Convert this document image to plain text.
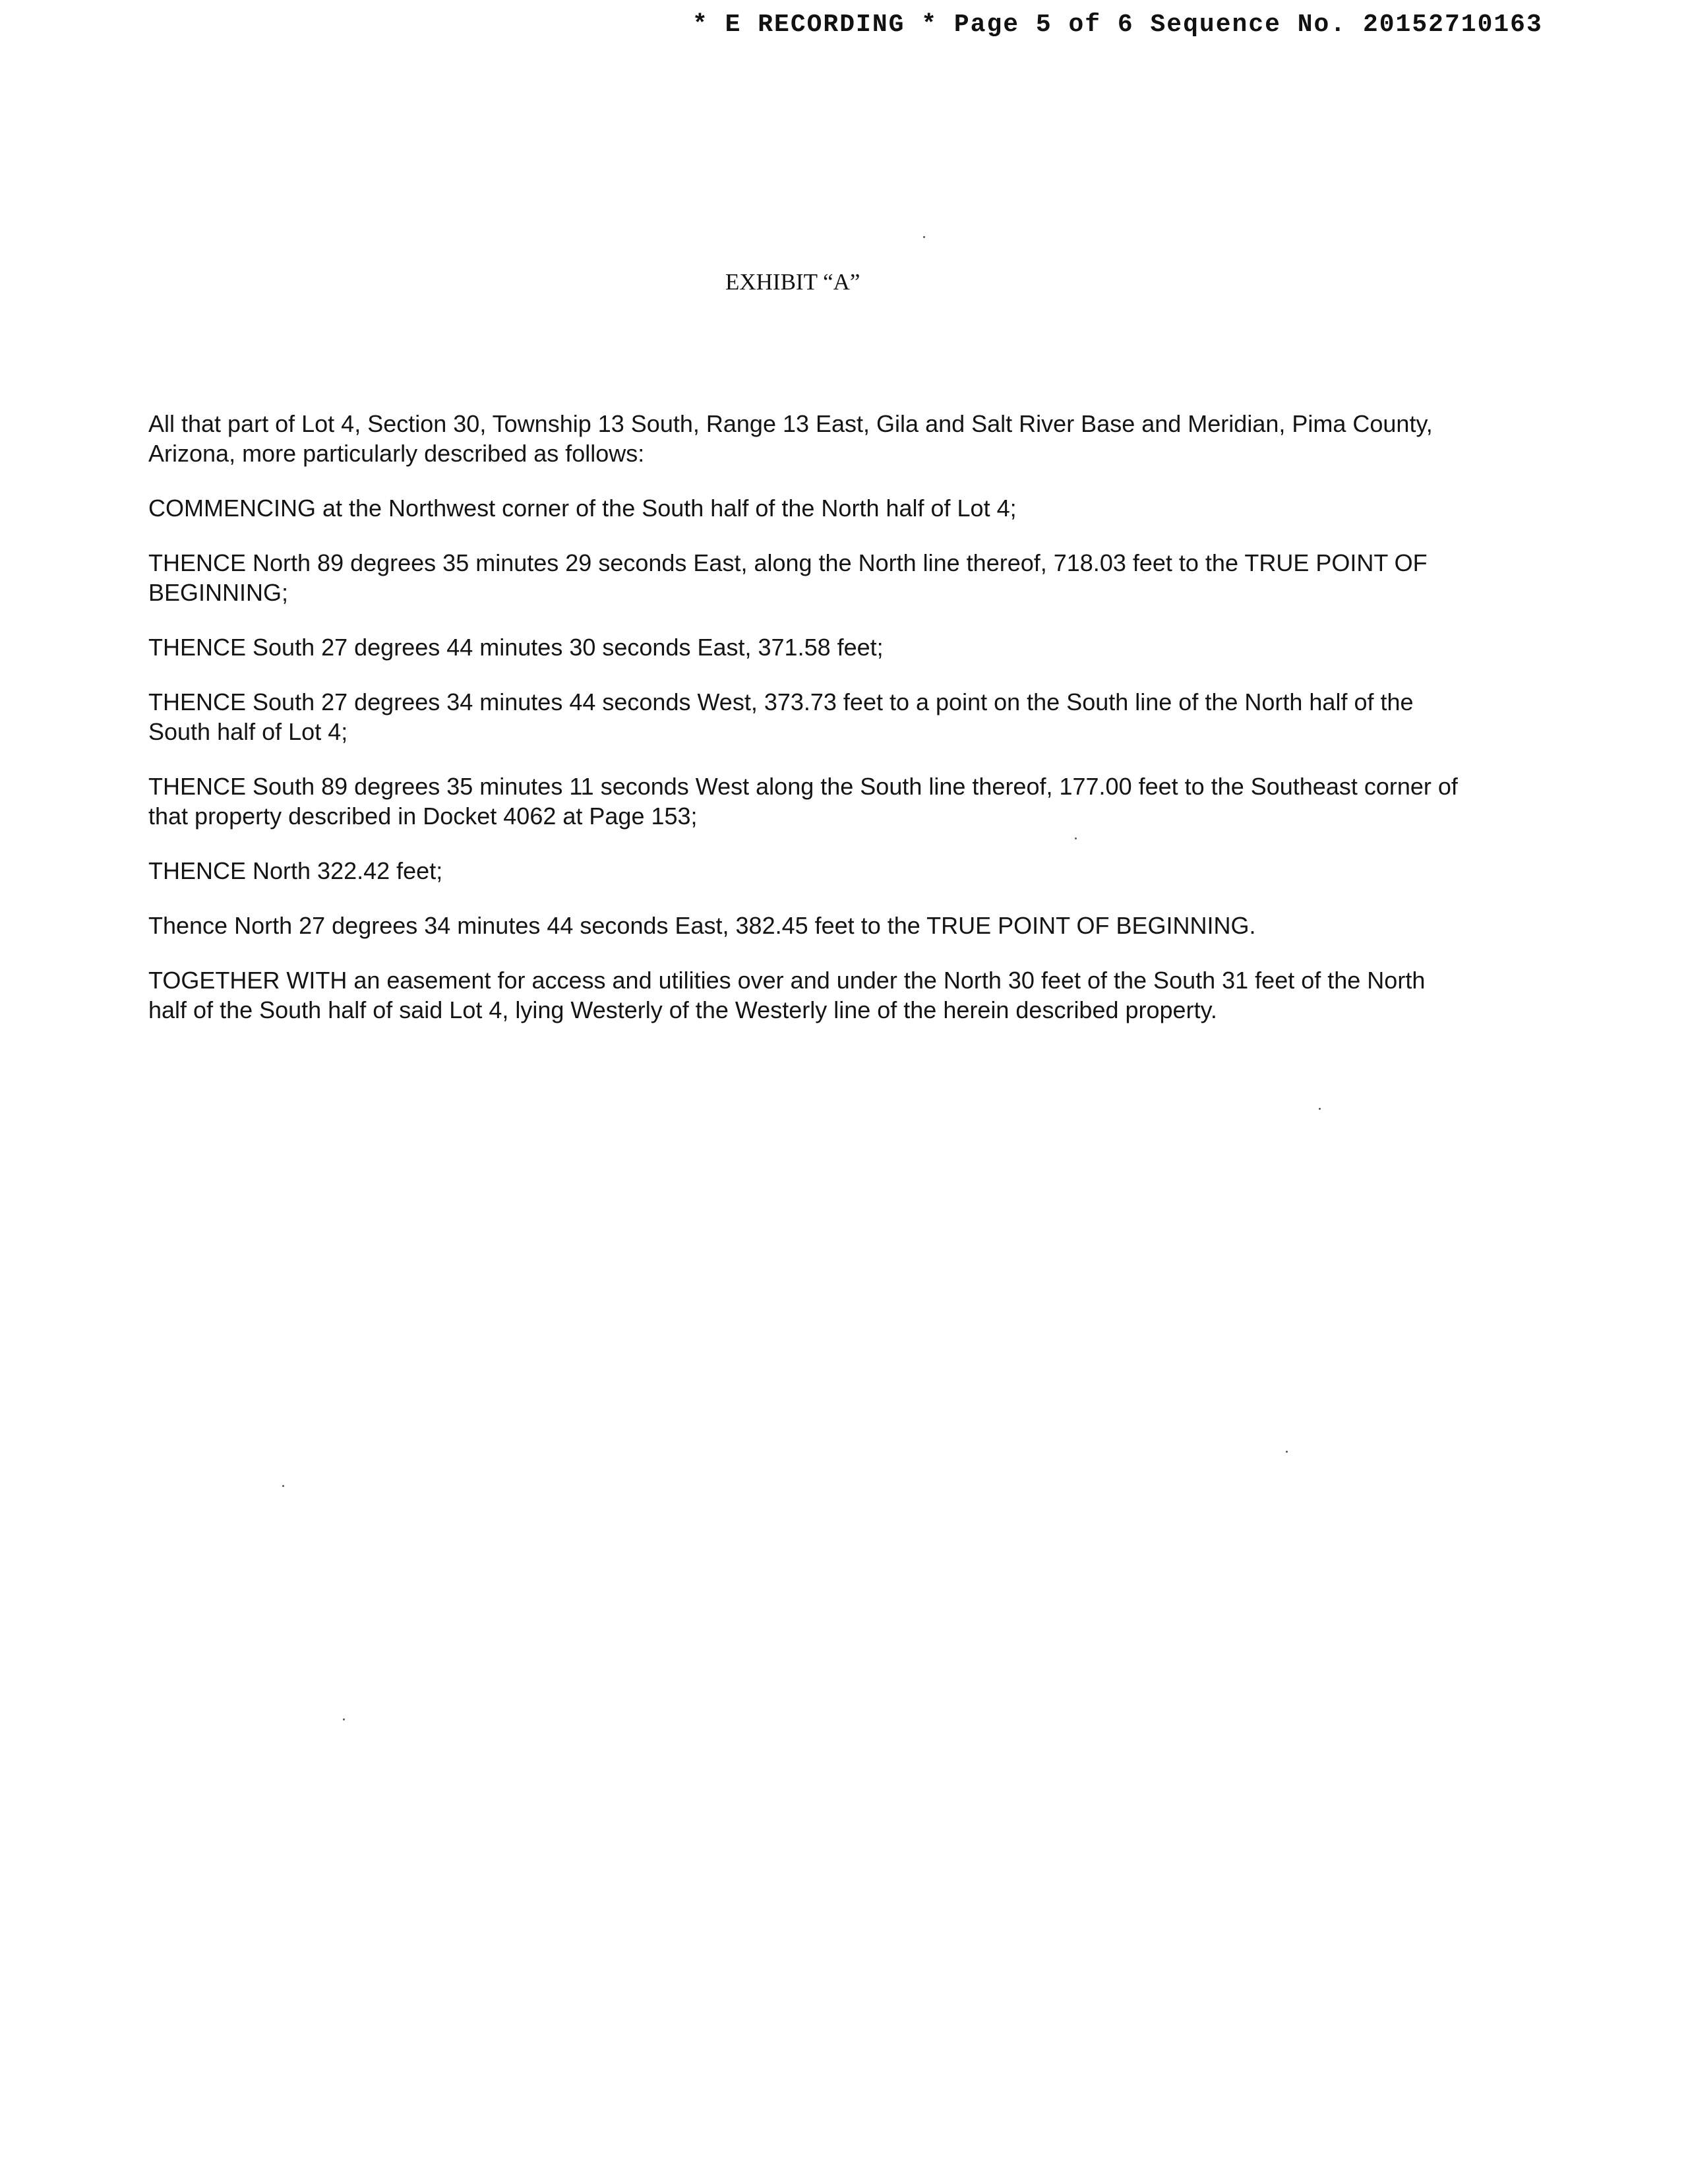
* E RECORDING * Page 5 of 6 Sequence No. 20152710163
EXHIBIT “A”

All that part of Lot 4, Section 30, Township 13 South, Range 13 East, Gila and Salt River Base and Meridian, Pima County, Arizona, more particularly described as follows:

COMMENCING at the Northwest corner of the South half of the North half of Lot 4;

THENCE North 89 degrees 35 minutes 29 seconds East, along the North line thereof, 718.03 feet to the TRUE POINT OF BEGINNING;

THENCE South 27 degrees 44 minutes 30 seconds East, 371.58 feet;

THENCE South 27 degrees 34 minutes 44 seconds West, 373.73 feet to a point on the South line of the North half of the South half of Lot 4;

THENCE South 89 degrees 35 minutes 11 seconds West along the South line thereof, 177.00 feet to the Southeast corner of that property described in Docket 4062 at Page 153;

THENCE North 322.42 feet;

Thence North 27 degrees 34 minutes 44 seconds East, 382.45 feet to the TRUE POINT OF BEGINNING.

TOGETHER WITH an easement for access and utilities over and under the North 30 feet of the South 31 feet of the North half of the South half of said Lot 4, lying Westerly of the Westerly line of the herein described property.
